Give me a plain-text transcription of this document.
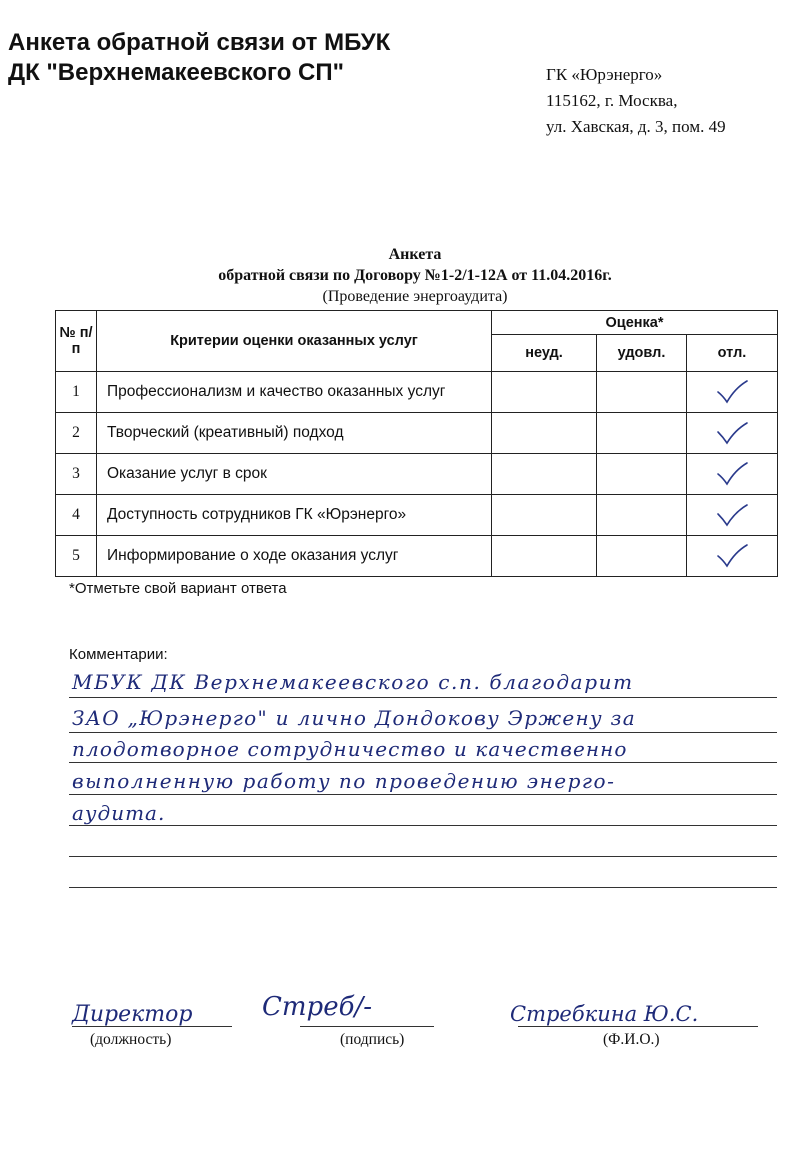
Анкета обратной связи от МБУК
ДК "Верхнемакеевского СП"	ГК «Юрэнерго»
115162, г. Москва,
ул. Хавская, д. 3, пом. 49
Анкета
обратной связи по Договору №1-2/1-12А от 11.04.2016г.
(Проведение энергоаудита)
№ п/п	Критерии оценки оказанных услуг	Оценка*		
		неуд.	удовл.	отл.
1	Профессионализм и качество оказанных услуг			

2	Творческий (креативный) подход			

3	Оказание услуг в срок			

4	Доступность сотрудников ГК «Юрэнерго»			

5	Информирование о ходе оказания услуг			
*Отметьте свой вариант ответа
Комментарии:
МБУК ДК Верхнемакеевского с.п. благодарит
ЗАО „Юрэнерго" и лично Дондокову Эржену за
плодотворное сотрудничество и качественно
выполненную работу по проведению энерго-
аудита.
Директор	Стреб/-	Стребкина Ю.С.
(должность)	(подпись)	(Ф.И.О.)
